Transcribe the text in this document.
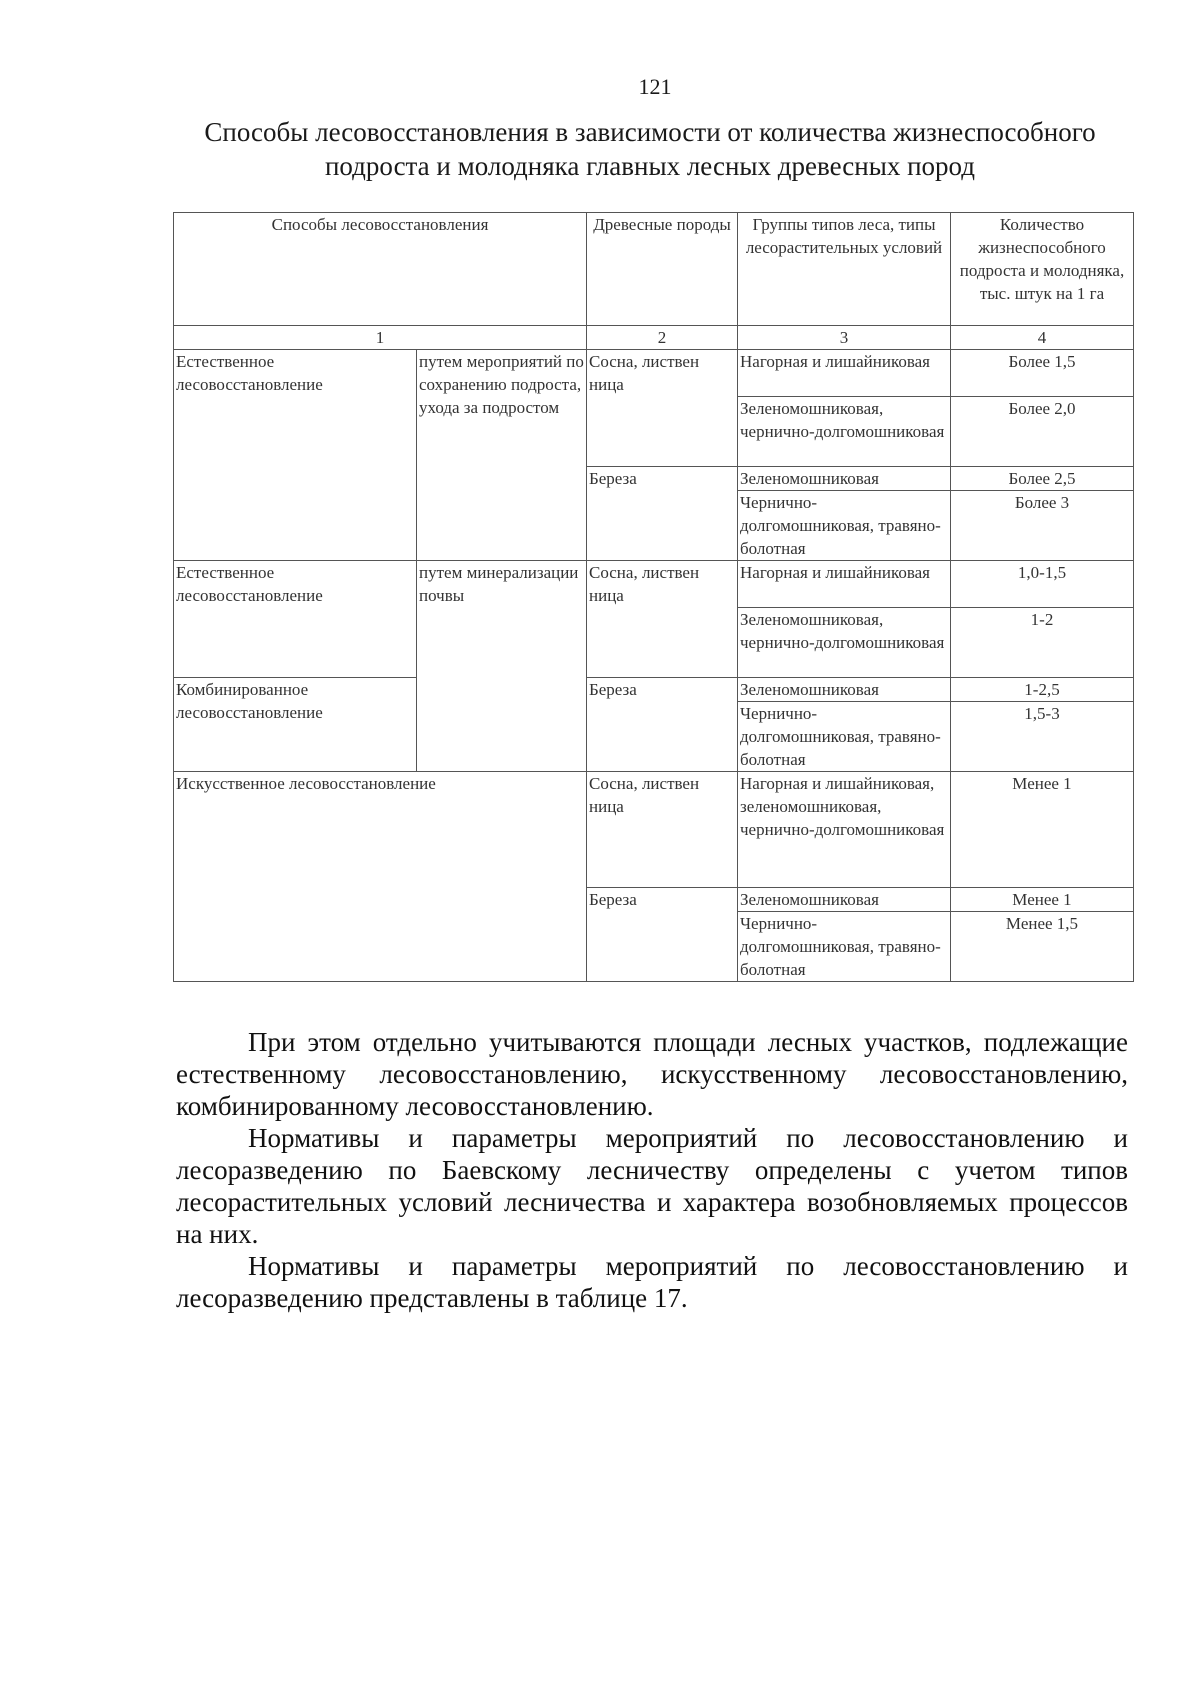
121
Способы лесовосстановления в зависимости от количества жизнеспособного
подроста и молодняка главных лесных древесных пород
Способы лесовосстановления		Древесные породы	Группы типов леса, типы лесорастительных условий	Количество жизнеспособного подроста и молодняка, тыс. штук на 1 га
1		2	3	4
Естественное лесовосстановление	путем мероприятий по сохранению подроста, ухода за подростом	Сосна, листвен ница	Нагорная и лишайниковая	Более 1,5
			Зеленомошниковая, чернично-долгомошниковая	Более 2,0
		Береза	Зеленомошниковая	Более 2,5
			Чернично-долгомошниковая, травяно-болотная	Более 3
Естественное лесовосстановление	путем минерализации почвы	Сосна, листвен ница	Нагорная и лишайниковая	1,0-1,5
			Зеленомошниковая, чернично-долгомошниковая	1-2
Комбинированное лесовосстановление		Береза	Зеленомошниковая	1-2,5
			Чернично-долгомошниковая, травяно-болотная	1,5-3
Искусственное лесовосстановление		Сосна, листвен ница	Нагорная и лишайниковая, зеленомошниковая, чернично-долгомошниковая	Менее 1
		Береза	Зеленомошниковая	Менее 1
			Чернично-долгомошниковая, травяно-болотная	Менее 1,5

При этом отдельно учитываются площади лесных участков, подлежащие естественному лесовосстановлению, искусственному лесовосстановлению, комбинированному лесовосстановлению.

Нормативы и параметры мероприятий по лесовосстановлению и лесоразведению по Баевскому лесничеству определены с учетом типов лесорастительных условий лесничества и характера возобновляемых процессов на них.

Нормативы и параметры мероприятий по лесовосстановлению и лесоразведению представлены в таблице 17.
